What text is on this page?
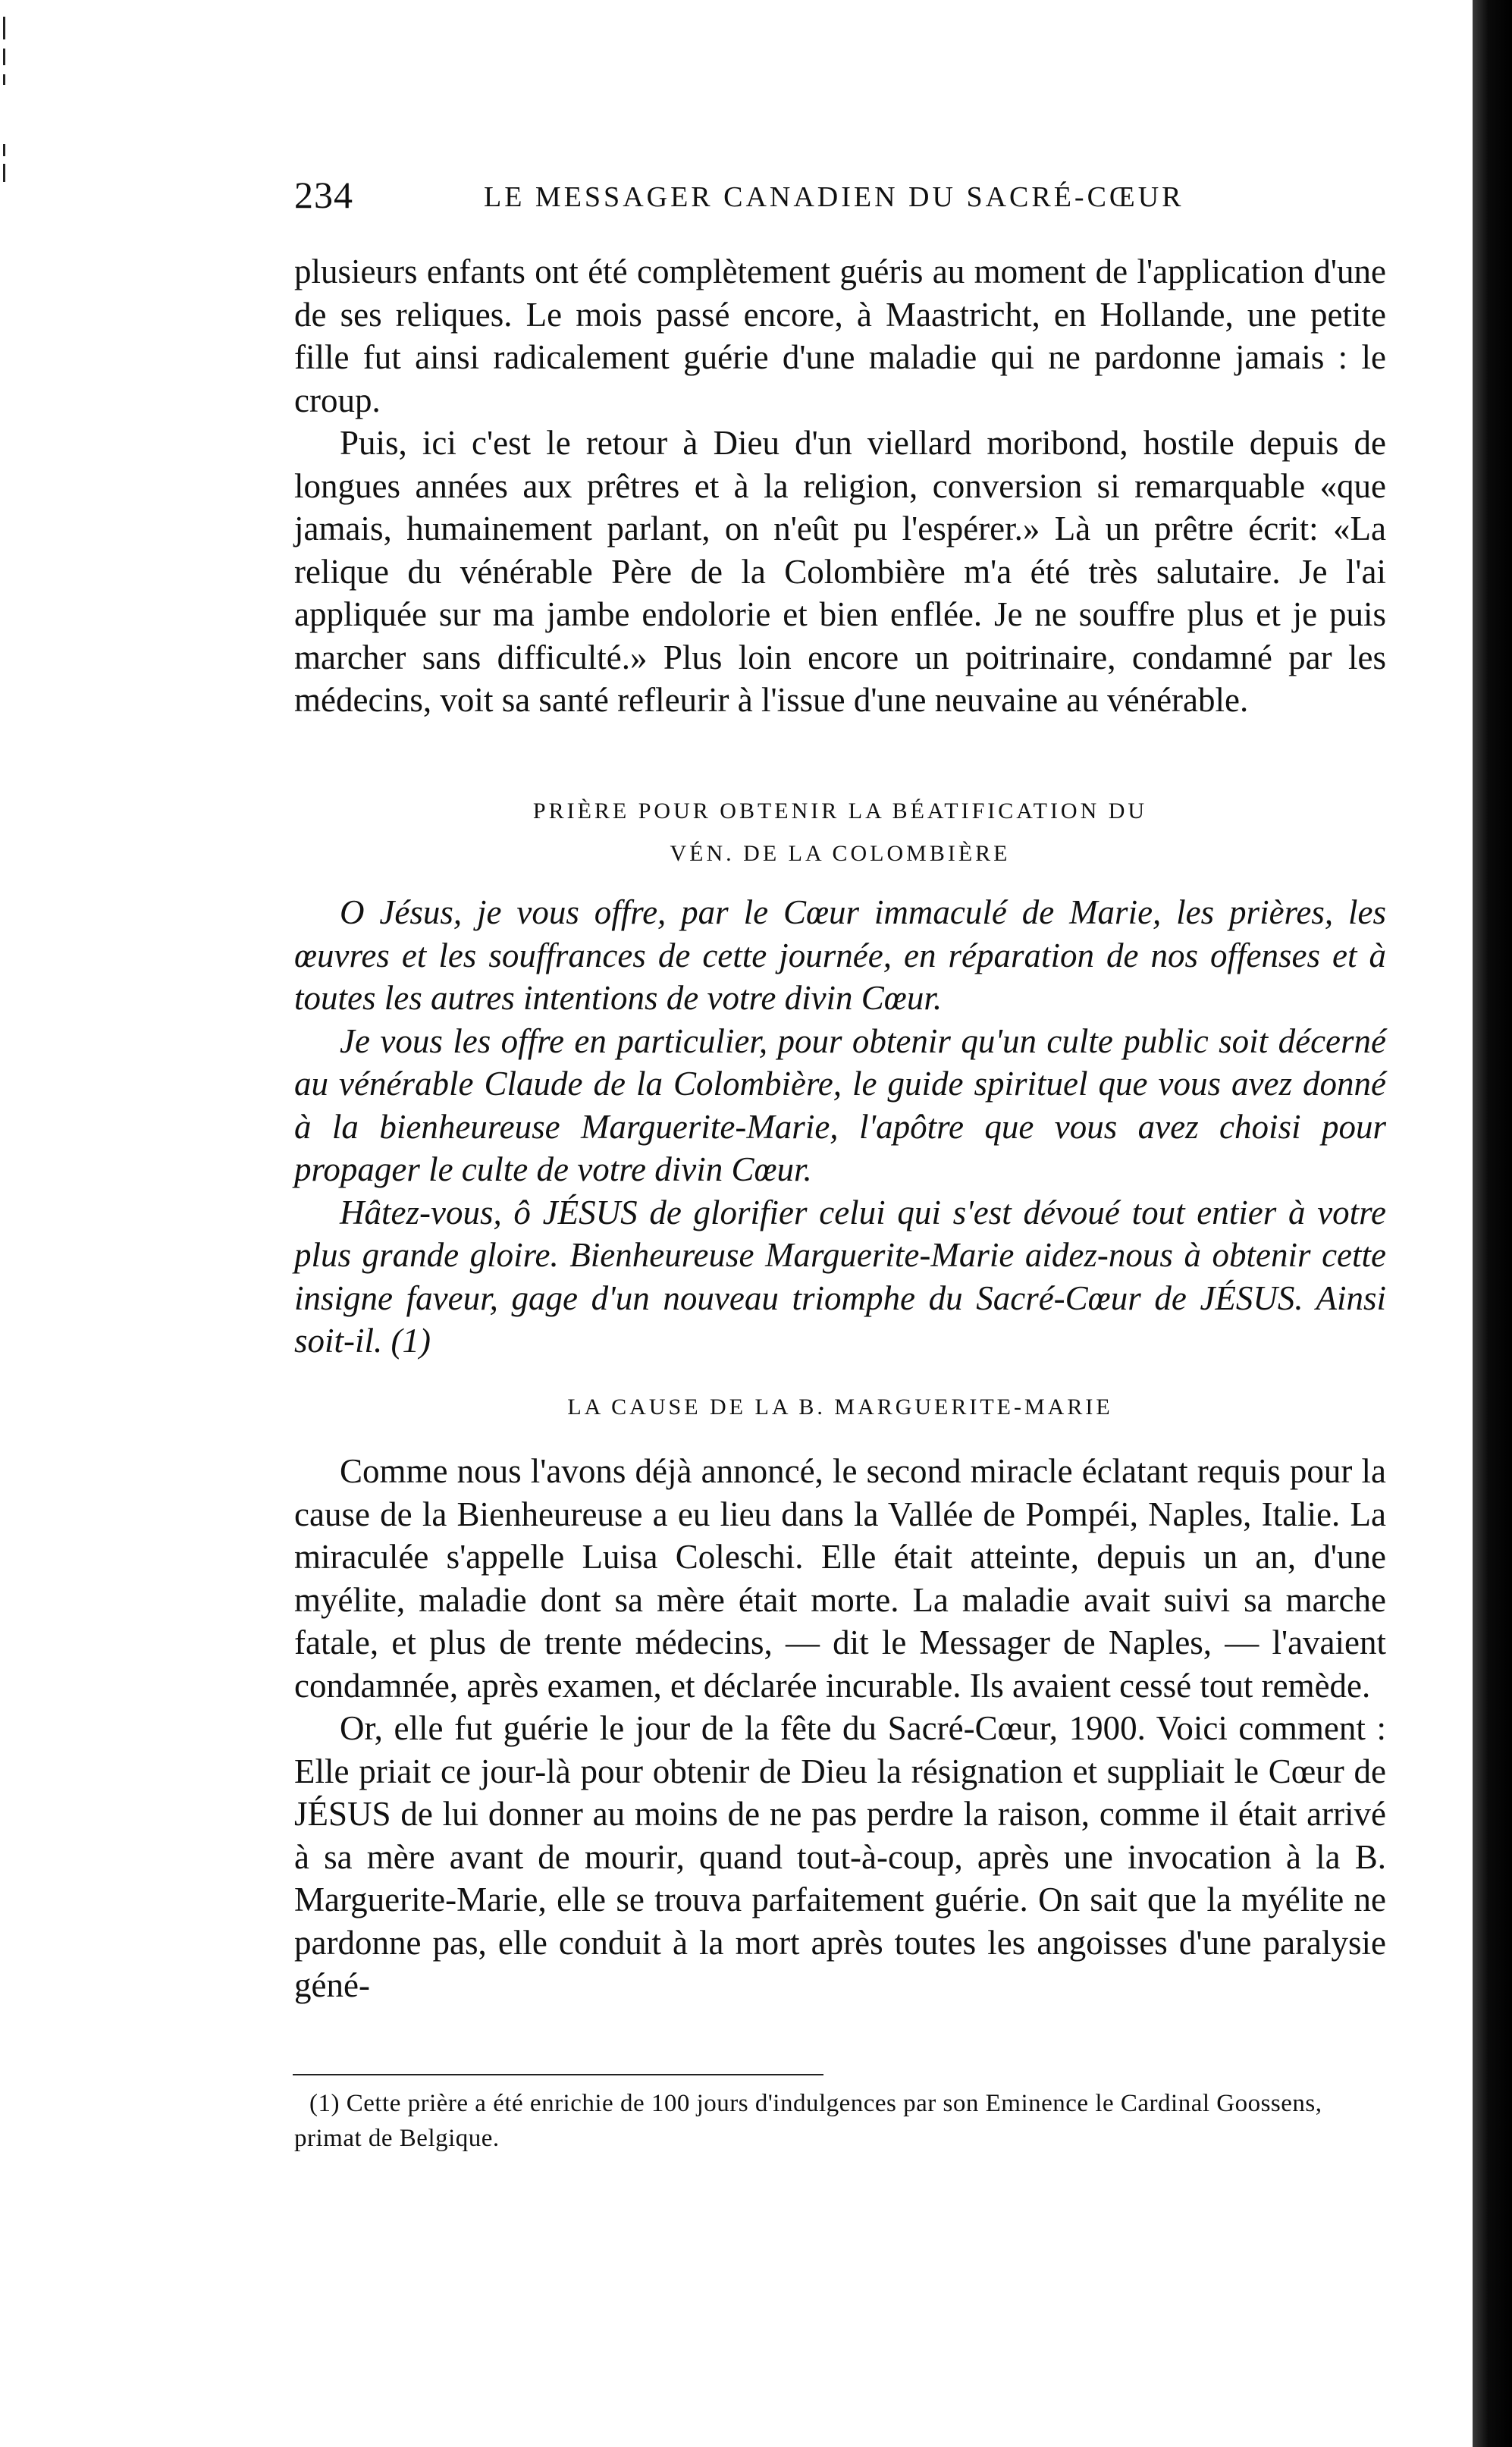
234	LE MESSAGER CANADIEN DU SACRÉ-CŒUR

plusieurs enfants ont été complètement guéris au moment de l'application d'une de ses reliques. Le mois passé encore, à Maastricht, en Hollande, une petite fille fut ainsi radicalement guérie d'une maladie qui ne pardonne jamais : le croup.

Puis, ici c'est le retour à Dieu d'un viellard moribond, hostile depuis de longues années aux prêtres et à la religion, conversion si remarquable «que jamais, humainement parlant, on n'eût pu l'espérer.» Là un prêtre écrit: «La relique du vénérable Père de la Colombière m'a été très salutaire. Je l'ai appliquée sur ma jambe endolorie et bien enflée. Je ne souffre plus et je puis marcher sans difficulté.» Plus loin encore un poitrinaire, condamné par les médecins, voit sa santé refleurir à l'issue d'une neuvaine au vénérable.

PRIÈRE POUR OBTENIR LA BÉATIFICATION DU

VÉN. DE LA COLOMBIÈRE

O Jésus, je vous offre, par le Cœur immaculé de Marie, les prières, les œuvres et les souffrances de cette journée, en réparation de nos offenses et à toutes les autres intentions de votre divin Cœur.

Je vous les offre en particulier, pour obtenir qu'un culte public soit décerné au vénérable Claude de la Colombière, le guide spirituel que vous avez donné à la bienheureuse Marguerite-Marie, l'apôtre que vous avez choisi pour propager le culte de votre divin Cœur.

Hâtez-vous, ô JÉSUS de glorifier celui qui s'est dévoué tout entier à votre plus grande gloire. Bienheureuse Marguerite-Marie aidez-nous à obtenir cette insigne faveur, gage d'un nouveau triomphe du Sacré-Cœur de JÉSUS. Ainsi soit-il. (1)

LA CAUSE DE LA B. MARGUERITE-MARIE

Comme nous l'avons déjà annoncé, le second miracle éclatant requis pour la cause de la Bienheureuse a eu lieu dans la Vallée de Pompéi, Naples, Italie. La miraculée s'appelle Luisa Coleschi. Elle était atteinte, depuis un an, d'une myélite, maladie dont sa mère était morte. La maladie avait suivi sa marche fatale, et plus de trente médecins, — dit le Messager de Naples, — l'avaient condamnée, après examen, et déclarée incurable. Ils avaient cessé tout remède.

Or, elle fut guérie le jour de la fête du Sacré-Cœur, 1900. Voici comment : Elle priait ce jour-là pour obtenir de Dieu la résignation et suppliait le Cœur de JÉSUS de lui donner au moins de ne pas perdre la raison, comme il était arrivé à sa mère avant de mourir, quand tout-à-coup, après une invocation à la B. Marguerite-Marie, elle se trouva parfaitement guérie. On sait que la myélite ne pardonne pas, elle conduit à la mort après toutes les angoisses d'une paralysie géné-

(1) Cette prière a été enrichie de 100 jours d'indulgences par son Eminence le Cardinal Goossens, primat de Belgique.
